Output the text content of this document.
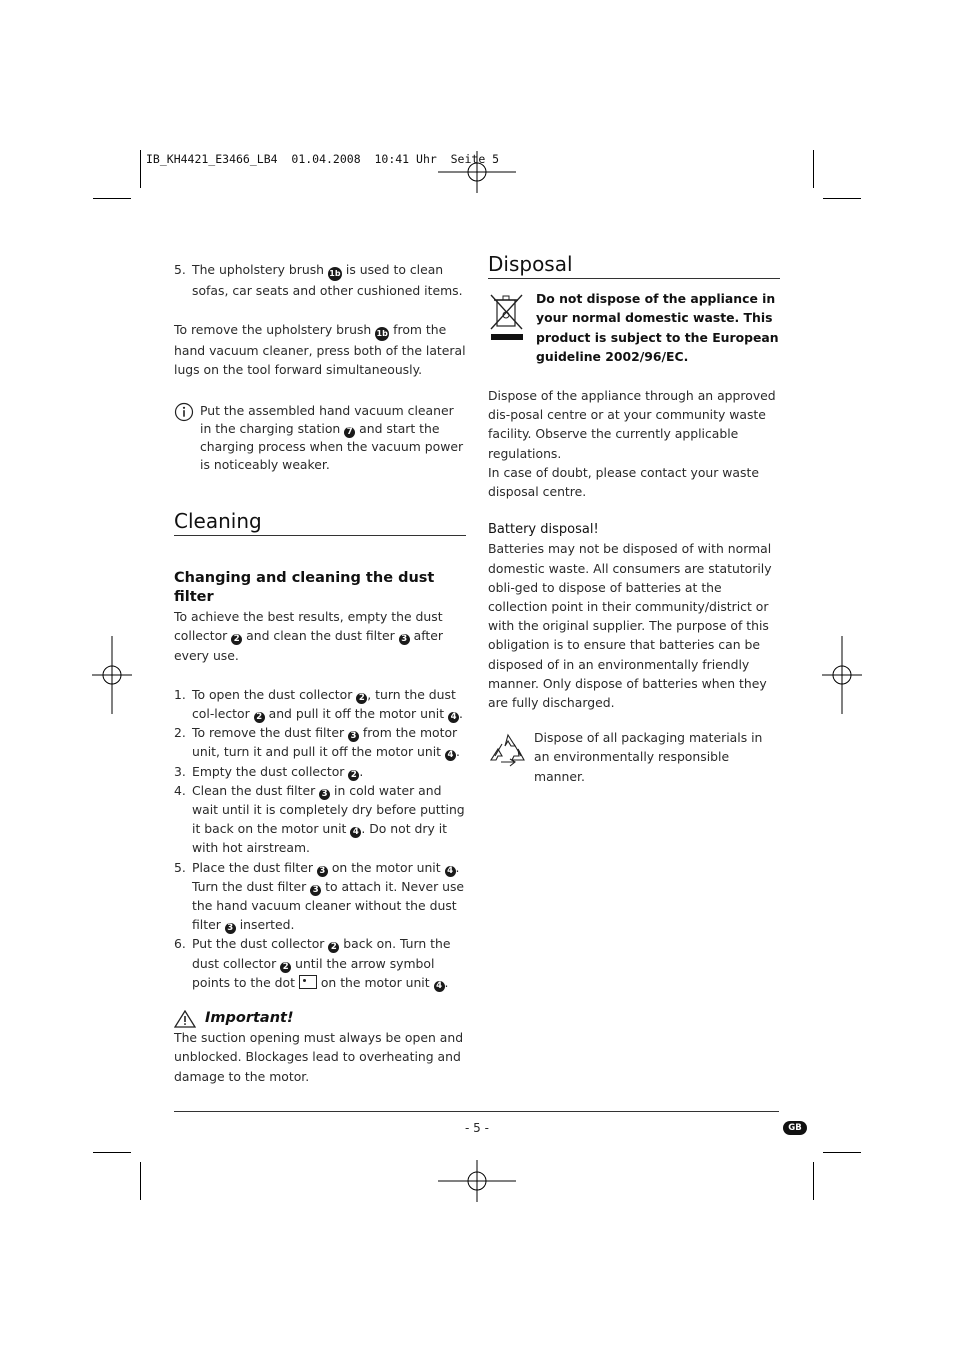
IB_KH4421_E3466_LB4  01.04.2008  10:41 Uhr  Seite 5
5. The upholstery brush 1b is used to clean sofas, car seats and other cushioned items.

To remove the upholstery brush 1b from the hand vacuum cleaner, press both of the lateral lugs on the tool forward simultaneously.

Put the assembled hand vacuum cleaner in the charging station 7 and start the charging process when the vacuum power is noticeably weaker.
Cleaning
Changing and cleaning the dust filter

To achieve the best results, empty the dust collector 2 and clean the dust filter 3 after every use.

1. To open the dust collector 2 , turn the dust col-lector 2 and pull it off the motor unit 4 .
2. To remove the dust filter 3 from the motor unit, turn it and pull it off the motor unit 4 .
3. Empty the dust collector 2 .
4. Clean the dust filter 3 in cold water and wait until it is completely dry before putting it back on the motor unit 4 . Do not dry it with hot airstream.
5. Place the dust filter 3 on the motor unit 4 . Turn the dust filter 3 to attach it. Never use the hand vacuum cleaner without the dust filter 3 inserted.
6. Put the dust collector 2 back on. Turn the dust collector 2 until the arrow symbol points to the dot  on the motor unit 4 .
Important!

The suction opening must always be open and unblocked. Blockages lead to overheating and damage to the motor.

Disposal
Do not dispose of the appliance in your normal domestic waste. This product is subject to the European guideline 2002/96/EC.

Dispose of the appliance through an approved dis-posal centre or at your community waste facility. Observe the currently applicable regulations.

In case of doubt, please contact your waste disposal centre.

Battery disposal!

Batteries may not be disposed of with normal domestic waste. All consumers are statutorily obli-ged to dispose of batteries at the collection point in their community/district or with the original supplier. The purpose of this obligation is to ensure that batteries can be disposed of in an environmentally friendly manner. Only dispose of batteries when they are fully discharged.

Dispose of all packaging materials in an environmentally responsible manner.
- 5 -	GB
